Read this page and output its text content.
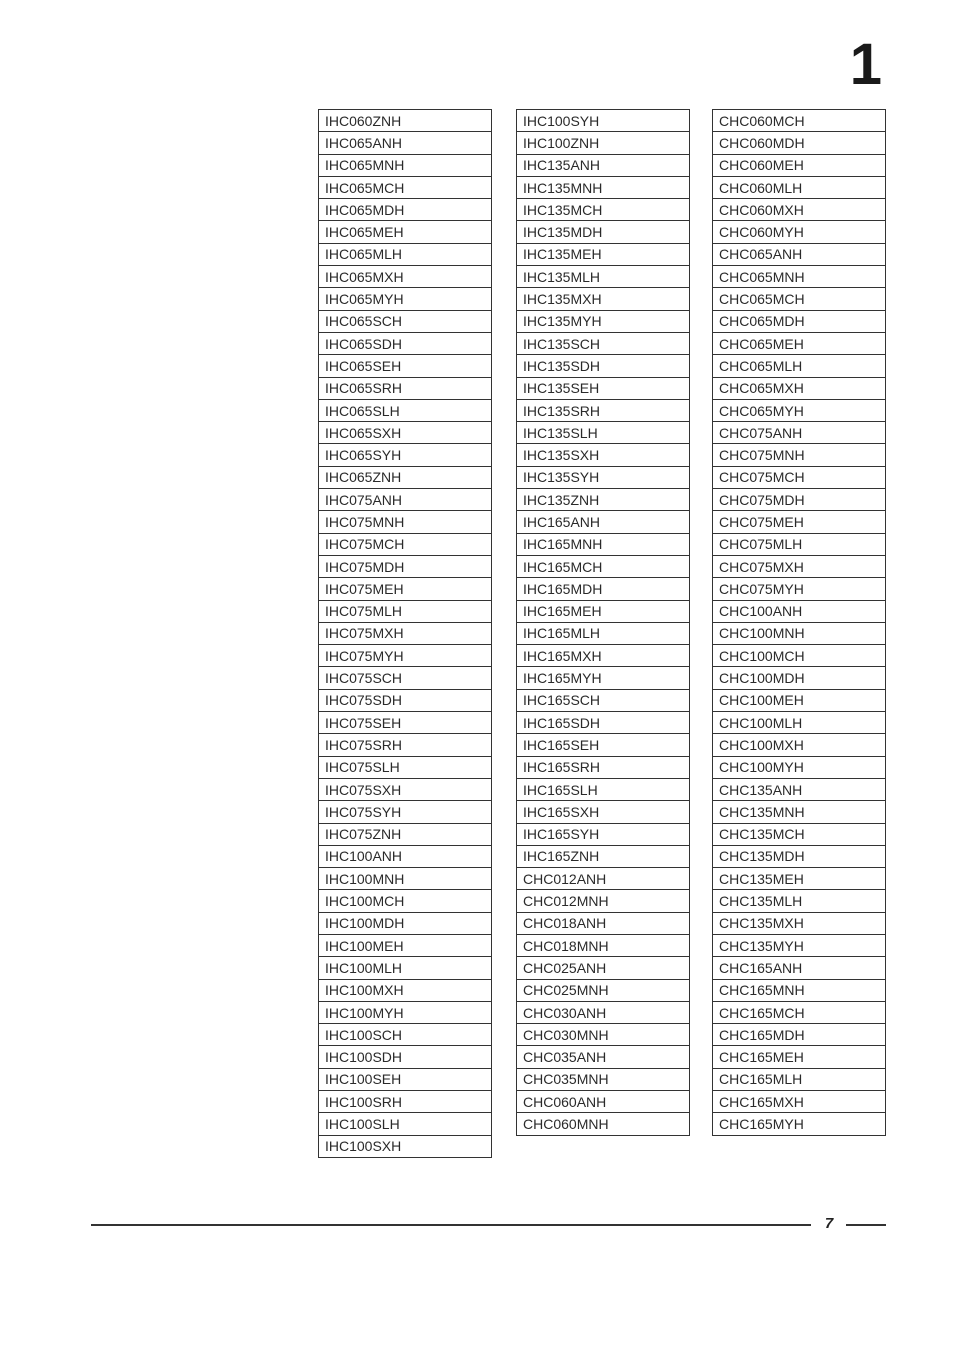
1
IHC060ZNH
IHC065ANH
IHC065MNH
IHC065MCH
IHC065MDH
IHC065MEH
IHC065MLH
IHC065MXH
IHC065MYH
IHC065SCH
IHC065SDH
IHC065SEH
IHC065SRH
IHC065SLH
IHC065SXH
IHC065SYH
IHC065ZNH
IHC075ANH
IHC075MNH
IHC075MCH
IHC075MDH
IHC075MEH
IHC075MLH
IHC075MXH
IHC075MYH
IHC075SCH
IHC075SDH
IHC075SEH
IHC075SRH
IHC075SLH
IHC075SXH
IHC075SYH
IHC075ZNH
IHC100ANH
IHC100MNH
IHC100MCH
IHC100MDH
IHC100MEH
IHC100MLH
IHC100MXH
IHC100MYH
IHC100SCH
IHC100SDH
IHC100SEH
IHC100SRH
IHC100SLH
IHC100SXH
IHC100SYH
IHC100ZNH
IHC135ANH
IHC135MNH
IHC135MCH
IHC135MDH
IHC135MEH
IHC135MLH
IHC135MXH
IHC135MYH
IHC135SCH
IHC135SDH
IHC135SEH
IHC135SRH
IHC135SLH
IHC135SXH
IHC135SYH
IHC135ZNH
IHC165ANH
IHC165MNH
IHC165MCH
IHC165MDH
IHC165MEH
IHC165MLH
IHC165MXH
IHC165MYH
IHC165SCH
IHC165SDH
IHC165SEH
IHC165SRH
IHC165SLH
IHC165SXH
IHC165SYH
IHC165ZNH
CHC012ANH
CHC012MNH
CHC018ANH
CHC018MNH
CHC025ANH
CHC025MNH
CHC030ANH
CHC030MNH
CHC035ANH
CHC035MNH
CHC060ANH
CHC060MNH
CHC060MCH
CHC060MDH
CHC060MEH
CHC060MLH
CHC060MXH
CHC060MYH
CHC065ANH
CHC065MNH
CHC065MCH
CHC065MDH
CHC065MEH
CHC065MLH
CHC065MXH
CHC065MYH
CHC075ANH
CHC075MNH
CHC075MCH
CHC075MDH
CHC075MEH
CHC075MLH
CHC075MXH
CHC075MYH
CHC100ANH
CHC100MNH
CHC100MCH
CHC100MDH
CHC100MEH
CHC100MLH
CHC100MXH
CHC100MYH
CHC135ANH
CHC135MNH
CHC135MCH
CHC135MDH
CHC135MEH
CHC135MLH
CHC135MXH
CHC135MYH
CHC165ANH
CHC165MNH
CHC165MCH
CHC165MDH
CHC165MEH
CHC165MLH
CHC165MXH
CHC165MYH
7
